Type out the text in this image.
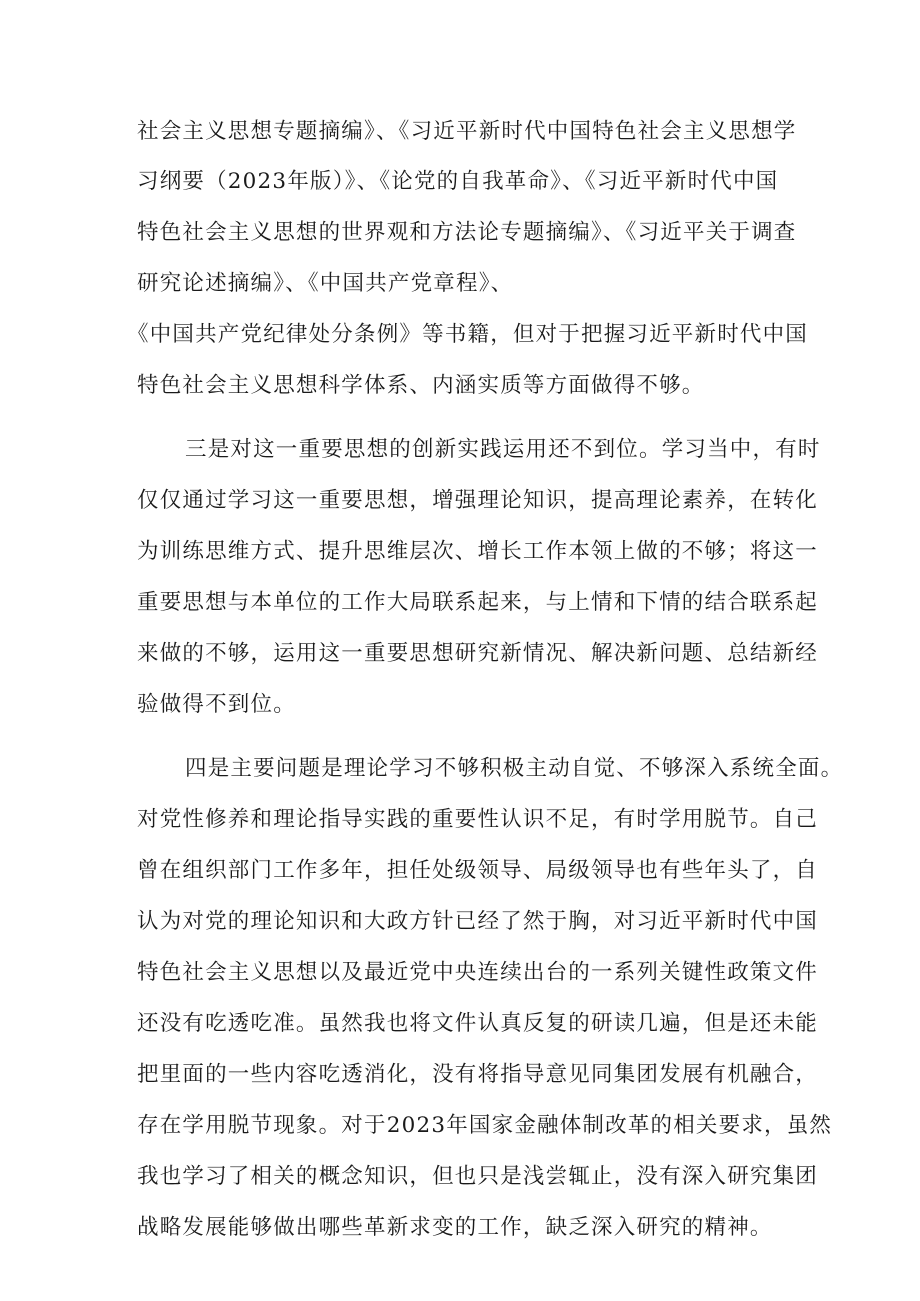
社会主义思想专题摘编》、《习近平新时代中国特色社会主义思想学
习纲要（2023年版）》、《论党的自我革命》、《习近平新时代中国
特色社会主义思想的世界观和方法论专题摘编》、《习近平关于调查
研究论述摘编》、《中国共产党章程》、
《中国共产党纪律处分条例》等书籍，但对于把握习近平新时代中国
特色社会主义思想科学体系、内涵实质等方面做得不够。
三是对这一重要思想的创新实践运用还不到位。学习当中，有时
仅仅通过学习这一重要思想，增强理论知识，提高理论素养，在转化
为训练思维方式、提升思维层次、增长工作本领上做的不够；将这一
重要思想与本单位的工作大局联系起来，与上情和下情的结合联系起
来做的不够，运用这一重要思想研究新情况、解决新问题、总结新经
验做得不到位。
四是主要问题是理论学习不够积极主动自觉、不够深入系统全面。
对党性修养和理论指导实践的重要性认识不足，有时学用脱节。自己
曾在组织部门工作多年，担任处级领导、局级领导也有些年头了，自
认为对党的理论知识和大政方针已经了然于胸，对习近平新时代中国
特色社会主义思想以及最近党中央连续出台的一系列关键性政策文件
还没有吃透吃准。虽然我也将文件认真反复的研读几遍，但是还未能
把里面的一些内容吃透消化，没有将指导意见同集团发展有机融合，
存在学用脱节现象。对于2023年国家金融体制改革的相关要求，虽然
我也学习了相关的概念知识，但也只是浅尝辄止，没有深入研究集团
战略发展能够做出哪些革新求变的工作，缺乏深入研究的精神。
